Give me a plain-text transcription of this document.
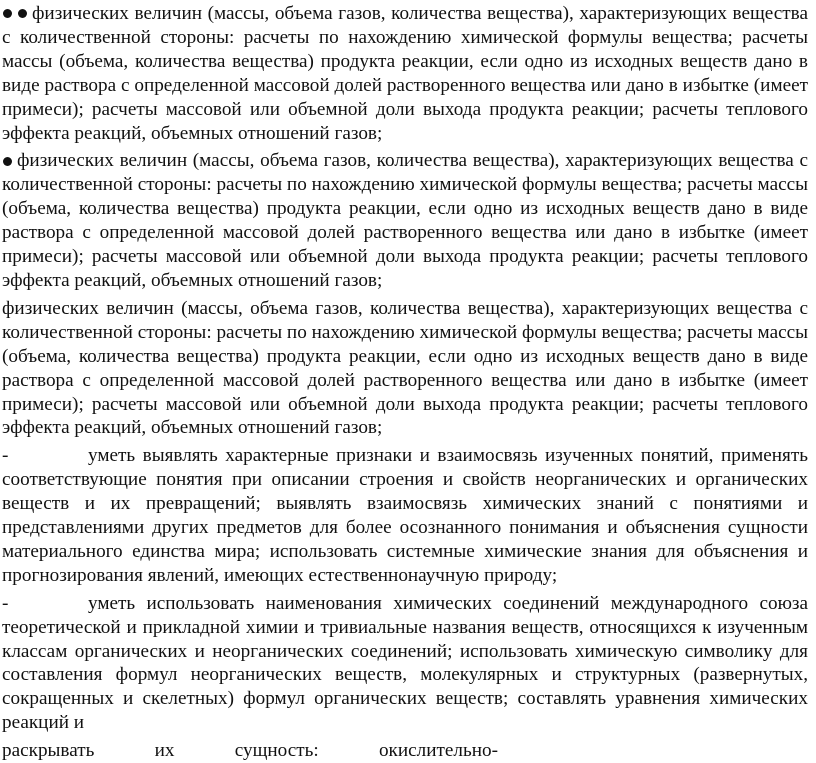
физических величин (массы, объема газов, количества вещества), характеризующих вещества с количественной стороны: расчеты по нахождению химической формулы вещества; расчеты массы (объема, количества вещества) продукта реакции, если одно из исходных веществ дано в виде раствора с определенной массовой долей растворенного вещества или дано в избытке (имеет примеси); расчеты массовой или объемной доли выхода продукта реакции; расчеты теплового эффекта реакций, объемных отношений газов;

физических величин (массы, объема газов, количества вещества), характеризующих вещества с количественной стороны: расчеты по нахождению химической формулы вещества; расчеты массы (объема, количества вещества) продукта реакции, если одно из исходных веществ дано в виде раствора с определенной массовой долей растворенного вещества или дано в избытке (имеет примеси); расчеты массовой или объемной доли выхода продукта реакции; расчеты теплового эффекта реакций, объемных отношений газов;

физических величин (массы, объема газов, количества вещества), характеризующих вещества с количественной стороны: расчеты по нахождению химической формулы вещества; расчеты массы (объема, количества вещества) продукта реакции, если одно из исходных веществ дано в виде раствора с определенной массовой долей растворенного вещества или дано в избытке (имеет примеси); расчеты массовой или объемной доли выхода продукта реакции; расчеты теплового эффекта реакций, объемных отношений газов;

-	уметь выявлять характерные признаки и взаимосвязь изученных понятий, применять соответствующие понятия при описании строения и свойств неорганических и органических веществ и их превращений; выявлять взаимосвязь химических знаний с понятиями и представлениями других предметов для более осознанного понимания и объяснения сущности материального единства мира; использовать системные химические знания для объяснения и прогнозирования явлений, имеющих естественнонаучную природу;

-	уметь использовать наименования химических соединений международного союза теоретической и прикладной химии и тривиальные названия веществ, относящихся к изученным классам органических и неорганических соединений; использовать химическую символику для составления формул неорганических веществ, молекулярных и структурных (развернутых, сокращенных и скелетных) формул органических веществ; составлять уравнения химических реакций и

раскрывать	их	сущность:	окислительно-
